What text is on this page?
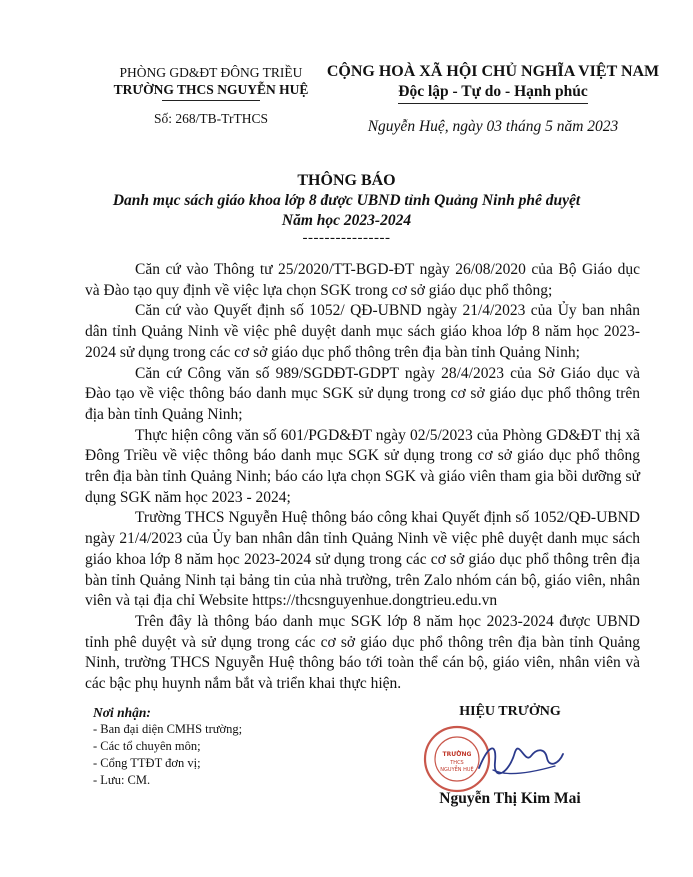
PHÒNG GD&ĐT ĐÔNG TRIỀU
TRƯỜNG THCS NGUYỄN HUỆ
Số: 268/TB-TrTHCS
CỘNG HOÀ XÃ HỘI CHỦ NGHĨA VIỆT NAM
Độc lập - Tự do - Hạnh phúc
Nguyễn Huệ, ngày 03 tháng 5 năm 2023
THÔNG BÁO
Danh mục sách giáo khoa lớp 8 được UBND tỉnh Quảng Ninh phê duyệt
Năm học 2023-2024
----------------

Căn cứ vào Thông tư 25/2020/TT-BGD-ĐT ngày 26/08/2020 của Bộ Giáo dục và Đào tạo quy định về việc lựa chọn SGK trong cơ sở giáo dục phổ thông;

Căn cứ vào Quyết định số 1052/ QĐ-UBND ngày 21/4/2023 của Ủy ban nhân dân tỉnh Quảng Ninh về việc phê duyệt danh mục sách giáo khoa lớp 8 năm học 2023-2024 sử dụng trong các cơ sở giáo dục phổ thông trên địa bàn tỉnh Quảng Ninh;

Căn cứ Công văn số 989/SGDĐT-GDPT ngày 28/4/2023 của Sở Giáo dục và Đào tạo về việc thông báo danh mục SGK sử dụng trong cơ sở giáo dục phổ thông trên địa bàn tỉnh Quảng Ninh;

Thực hiện công văn số 601/PGD&ĐT ngày 02/5/2023 của Phòng GD&ĐT thị xã Đông Triều về việc thông báo danh mục SGK sử dụng trong cơ sở giáo dục phổ thông trên địa bàn tỉnh Quảng Ninh; báo cáo lựa chọn SGK và giáo viên tham gia bồi dưỡng sử dụng SGK năm học 2023 - 2024;

Trường THCS Nguyễn Huệ thông báo công khai Quyết định số 1052/QĐ-UBND ngày 21/4/2023 của Ủy ban nhân dân tỉnh Quảng Ninh về việc phê duyệt danh mục sách giáo khoa lớp 8 năm học 2023-2024 sử dụng trong các cơ sở giáo dục phổ thông trên địa bàn tỉnh Quảng Ninh tại bảng tin của nhà trường, trên Zalo nhóm cán bộ, giáo viên, nhân viên và tại địa chỉ Website https://thcsnguyenhue.dongtrieu.edu.vn

Trên đây là thông báo danh mục SGK lớp 8 năm học 2023-2024 được UBND tỉnh phê duyệt và sử dụng trong các cơ sở giáo dục phổ thông trên địa bàn tỉnh Quảng Ninh, trường THCS Nguyễn Huệ thông báo tới toàn thể cán bộ, giáo viên, nhân viên và các bậc phụ huynh nắm bắt và triển khai thực hiện.

Nơi nhận:
- Ban đại diện CMHS trường;
- Các tổ chuyên môn;
- Cổng TTĐT đơn vị;
- Lưu: CM.
HIỆU TRƯỞNG
TRƯỜNG
THCS
NGUYỄN HUỆ
Nguyễn Thị Kim Mai
